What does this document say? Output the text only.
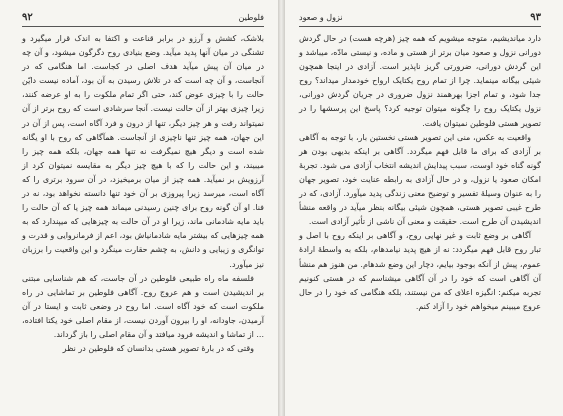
فلوطین
۹۲

بلاشک، کشش و آرزو در برابر قناعت و اکتفا به اندک قرار میگیرد و تشنگی در میان آنها پدید میآید. وضع بنیادی روح دگرگون میشود، و آن چه در میان آن پیش میآید هدف اصلی در کجاست. اما هنگامی که در آنجاست، و آن چه است که در تلاش رسیدن به آن بود، آماده نیست دایّن حالت را با چیزی عوض کند، حتی اگر تمام ملکوت را به او عرضه کنند، زیرا چیزی بهتر از آن حالت نیست. آنجا سرشادی است که روح برتر از آن نمیتواند رفت و هر چیز دیگر، تنها از درون و فرد آگاه است، پس از آن در این جهان، همه چیز تنها ناچیزی از آنجاست. همآگاهی که روح با او یگانه شده است و دیگر هیچ نمیگرفت نه تنها همه جهان، بلکه همه چیز را میبیند، و این حالت را که با هیچ چیز دیگر به مقایسه نمیتوان کرد از آرزویش بر نمیآید. همه چیز از میان برمیخیزد، در آن سرود برتری را که آگاه است، میرسد زیرا پیروزی بر آن خود تنها دانسته نخواهد بود، نه در فنا. او آن گونه روح برای چنین رسیدنی میماند همه چیز یا که آن حالت را باید مایه شادمانی ماند، زیرا او در آن حالت به چیزهایی که میپندارد که به همه چیزهایی که بیشتر مایه شادمانیاش بود، اعم از فرمانروایی و قدرت و توانگری و زیبایی و دانش، به چشم حقارت مینگرد و این واقعیت را برزبان نیز میآورد.

فلسفه ماه راه طبیعی فلوطین در آن جاست، که هم شناسایی مبتنی بر اندیشیدن است و هم عروج روح. آگاهی فلوطین بر تماشایی در راه ملکوت است که خود آگاه است. اما روح در وضعی ثابت و ایستا در آن آرمیدن، جاودانه، او را بیرون آوردن نیست، از مقام اصلی خود یکتا افتاده، ... از تماشا و اندیشه فرود میافتد و آن مقام اصلی را باز گرداند.

وقتی که در بارۀ تصویر هستی بدانسان که فلوطین در نظر

۹۳
نزول و صعود

دارد میاندیشیم، متوجه میشویم که همه چیز (هرچه هست) در حال گردش دورانی نزول و صعود میان برتر از هستی و ماده، و نیستی مادّه، میباشد و این گردش دورانی، ضرورتی گریز ناپذیر است. آزادی در اینجا همچون شیئی بیگانه مینماید. چرا از تمام روح یکتایک ارواح خودمدار میداند؟ روح جدا شود، و تمام اجزا بهرهمند نزول ضروری در جریان گردش دورانی، نزول یکتایک روح را چگونه میتوان توجیه کرد؟ پاسخ این پرسشها را در تصویر هستی فلوطین نمیتوان یافت.

واقعیت به عکس، منی این تصویر هستی نخستین بار، با توجه به آگاهی بر آزادی که برای ما قابل فهم میگردد. آگاهی بر اینکه بدیهی بودن هر گونه گناه خود اوست، سبب پیدایش اندیشه انتخاب آزادی می شود. تجربۀ امکان صعود یا نزول، و در حال آزادی به رابطه عنایت خود، تصویر جهان را به عنوان وسیلۀ تفسیر و توضیح معنی زندگی پدید میآورد. آزادی، که در طرح غیبی تصویر هستی، همچون شیئی بیگانه بنظر میآید در واقعه منشأ اندیشیدن آن طرح است. حقیقت و معنی آن ناشی از تأثیر آزادی است.

آگاهی بر وضع ثابت و غیر نهایی روح، و آگاهی بر اینکه روح با اصل و تبار روح قابل فهم میگردد: نه از هیچ پدید نیامدهام، بلکه به واسطۀ ارادۀ عموم، پیش از آنکه بوجود بیایم، دچار این وضع شدهام. من هنوز هم منشأ آن آگاهی است که خود را در آن آگاهی میشناسم که در هستی کنونیم تجربه میکنم: انگیزه اعلای که من نیستند، بلکه هنگامی که خود را در حال عروج میبینم میخواهم خود را آزاد کنم.
